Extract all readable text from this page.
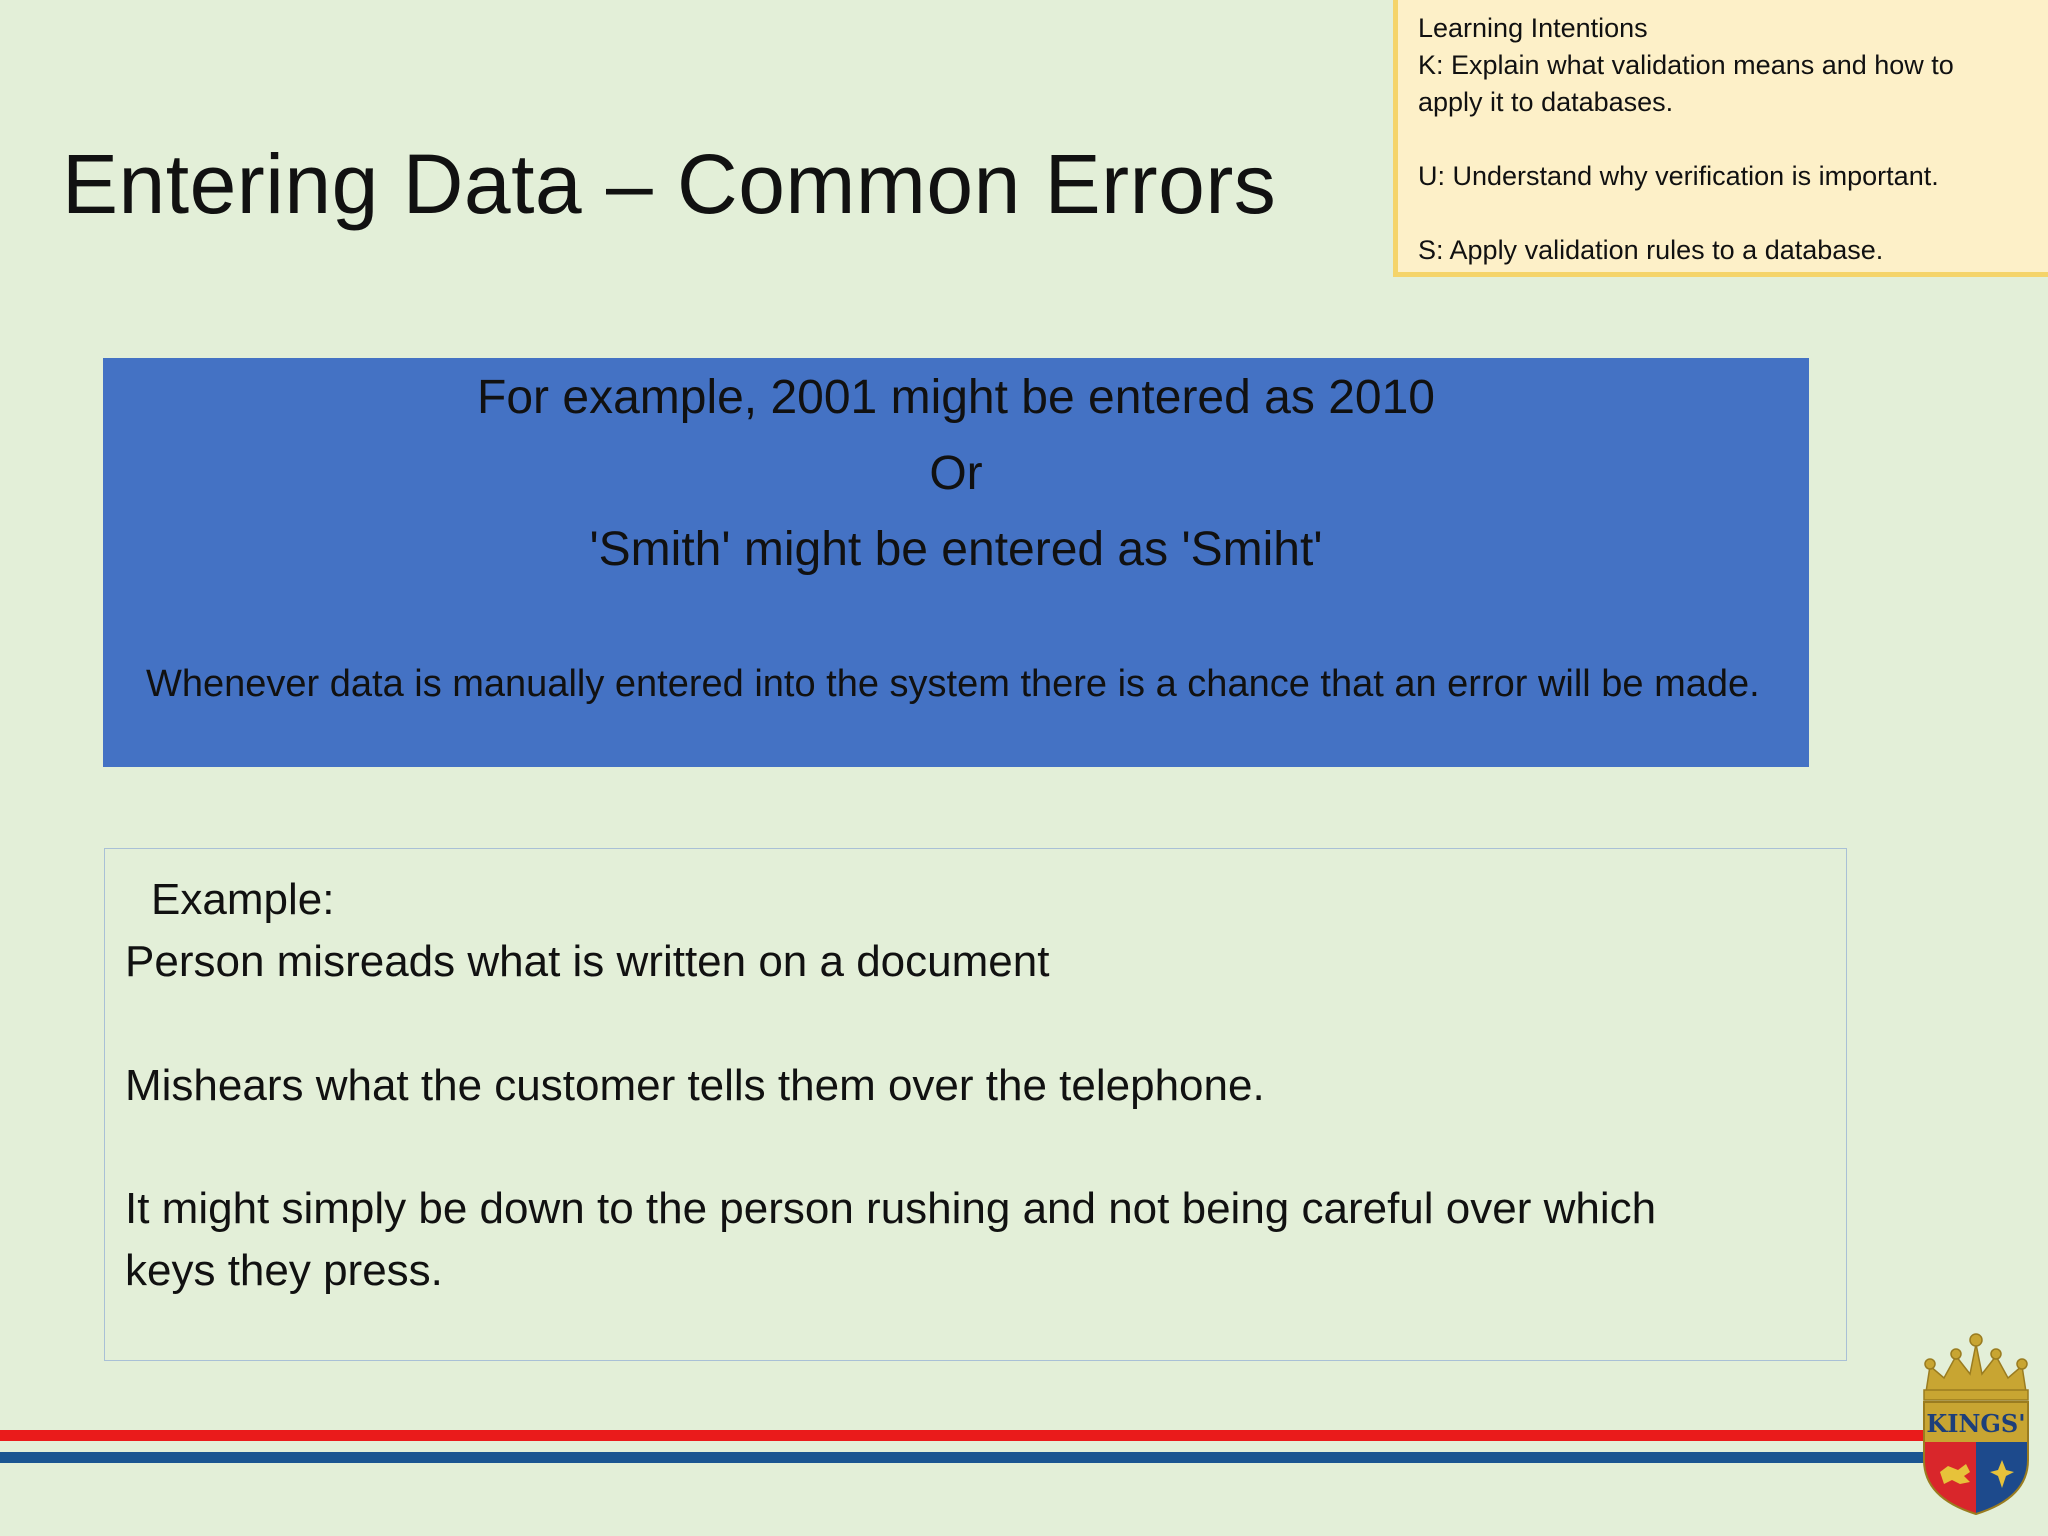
Entering Data – Common Errors
Learning Intentions
K: Explain what validation means and how to
apply it to databases.
U: Understand why verification is important.
S: Apply validation rules to a database.
For example, 2001 might be entered as 2010
Or
'Smith' might be entered as 'Smiht'
Whenever data is manually entered into the system there is a chance that an error will be made.
Example:
Person misreads what is written on a document
Mishears what the customer tells them over the telephone.
It might simply be down to the person rushing and not being careful over which
keys they press.
KINGS'
